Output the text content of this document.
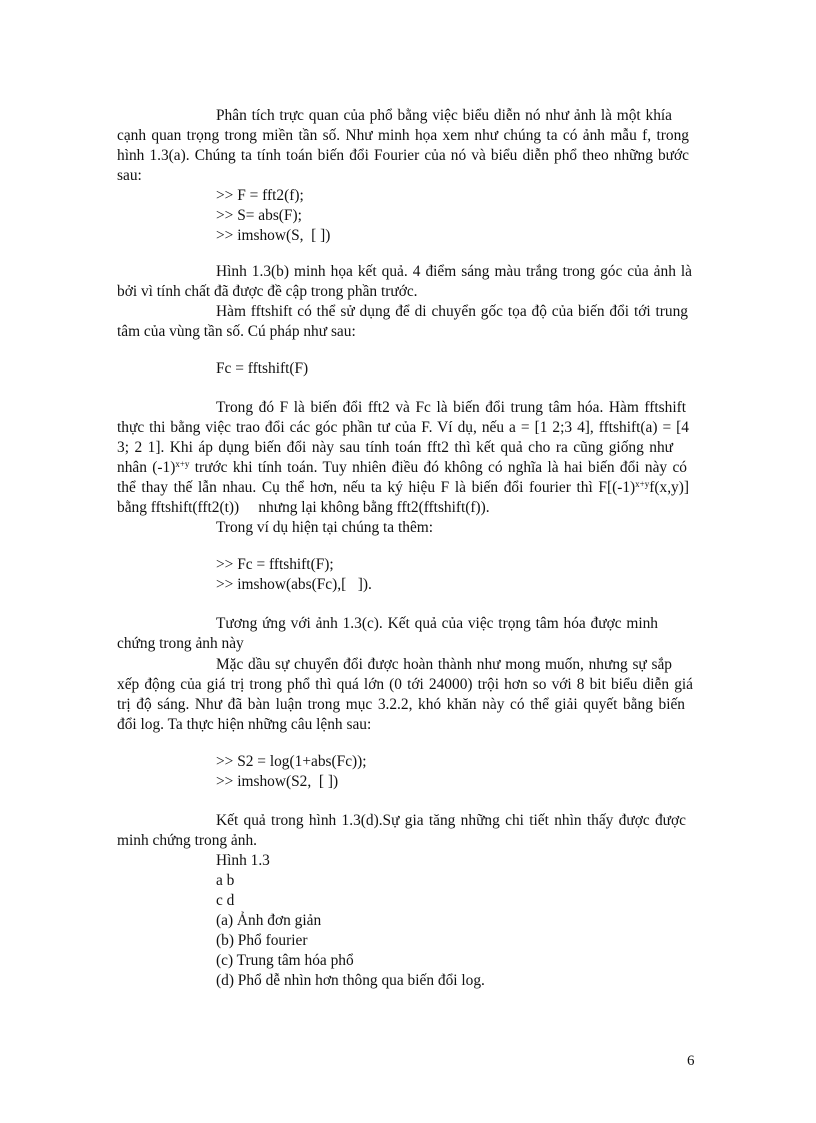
Phân tích trực quan của phổ bằng việc biểu diễn nó như ảnh là một khía
cạnh quan trọng trong miền tần số. Như minh họa xem như chúng ta có ảnh mẫu f, trong
hình 1.3(a). Chúng ta tính toán biến đổi Fourier của nó và biểu diễn phổ theo những bước
sau:
>> F = fft2(f);
>> S= abs(F);
>> imshow(S,  [ ])
Hình 1.3(b) minh họa kết quả. 4 điểm sáng màu trắng trong góc của ảnh là
bởi vì tính chất đã được đề cập trong phần trước.
Hàm fftshift có thể sử dụng để di chuyển gốc tọa độ của biến đổi tới trung
tâm của vùng tần số. Cú pháp như sau:
Fc = fftshift(F)
Trong đó F là biến đổi fft2 và Fc là biến đổi trung tâm hóa. Hàm fftshift
thực thi bằng việc trao đổi các góc phần tư của F. Ví dụ, nếu a = [1 2;3 4], fftshift(a) = [4
3; 2 1]. Khi áp dụng biến đổi này sau tính toán fft2 thì kết quả cho ra cũng giống như
nhân $(-1)^{x+y}$ trước khi tính toán. Tuy nhiên điều đó không có nghĩa là hai biến đổi này có
thể thay thế lẫn nhau. Cụ thể hơn, nếu ta ký hiệu F là biến đổi fourier thì $F[(-1)^{x+y}f(x,y)]$
bằng fftshift(fft2(t))     nhưng lại không bằng fft2(fftshift(f)).
Trong ví dụ hiện tại chúng ta thêm:
>> Fc = fftshift(F);
>> imshow(abs(Fc),[   ]).
Tương ứng với ảnh 1.3(c). Kết quả của việc trọng tâm hóa được minh
chứng trong ảnh này
Mặc dầu sự chuyển đổi được hoàn thành như mong muốn, nhưng sự sắp
xếp động của giá trị trong phổ thì quá lớn (0 tới 24000) trội hơn so với 8 bit biểu diễn giá
trị độ sáng. Như đã bàn luận trong mục 3.2.2, khó khăn này có thể giải quyết bằng biến
đổi log. Ta thực hiện những câu lệnh sau:
>> S2 = log(1+abs(Fc));
>> imshow(S2,  [ ])
Kết quả trong hình 1.3(d).Sự gia tăng những chi tiết nhìn thấy được được
minh chứng trong ảnh.
Hình 1.3
a b
c d
(a) Ảnh đơn giản
(b) Phổ fourier
(c) Trung tâm hóa phổ
(d) Phổ dễ nhìn hơn thông qua biến đổi log.
6
